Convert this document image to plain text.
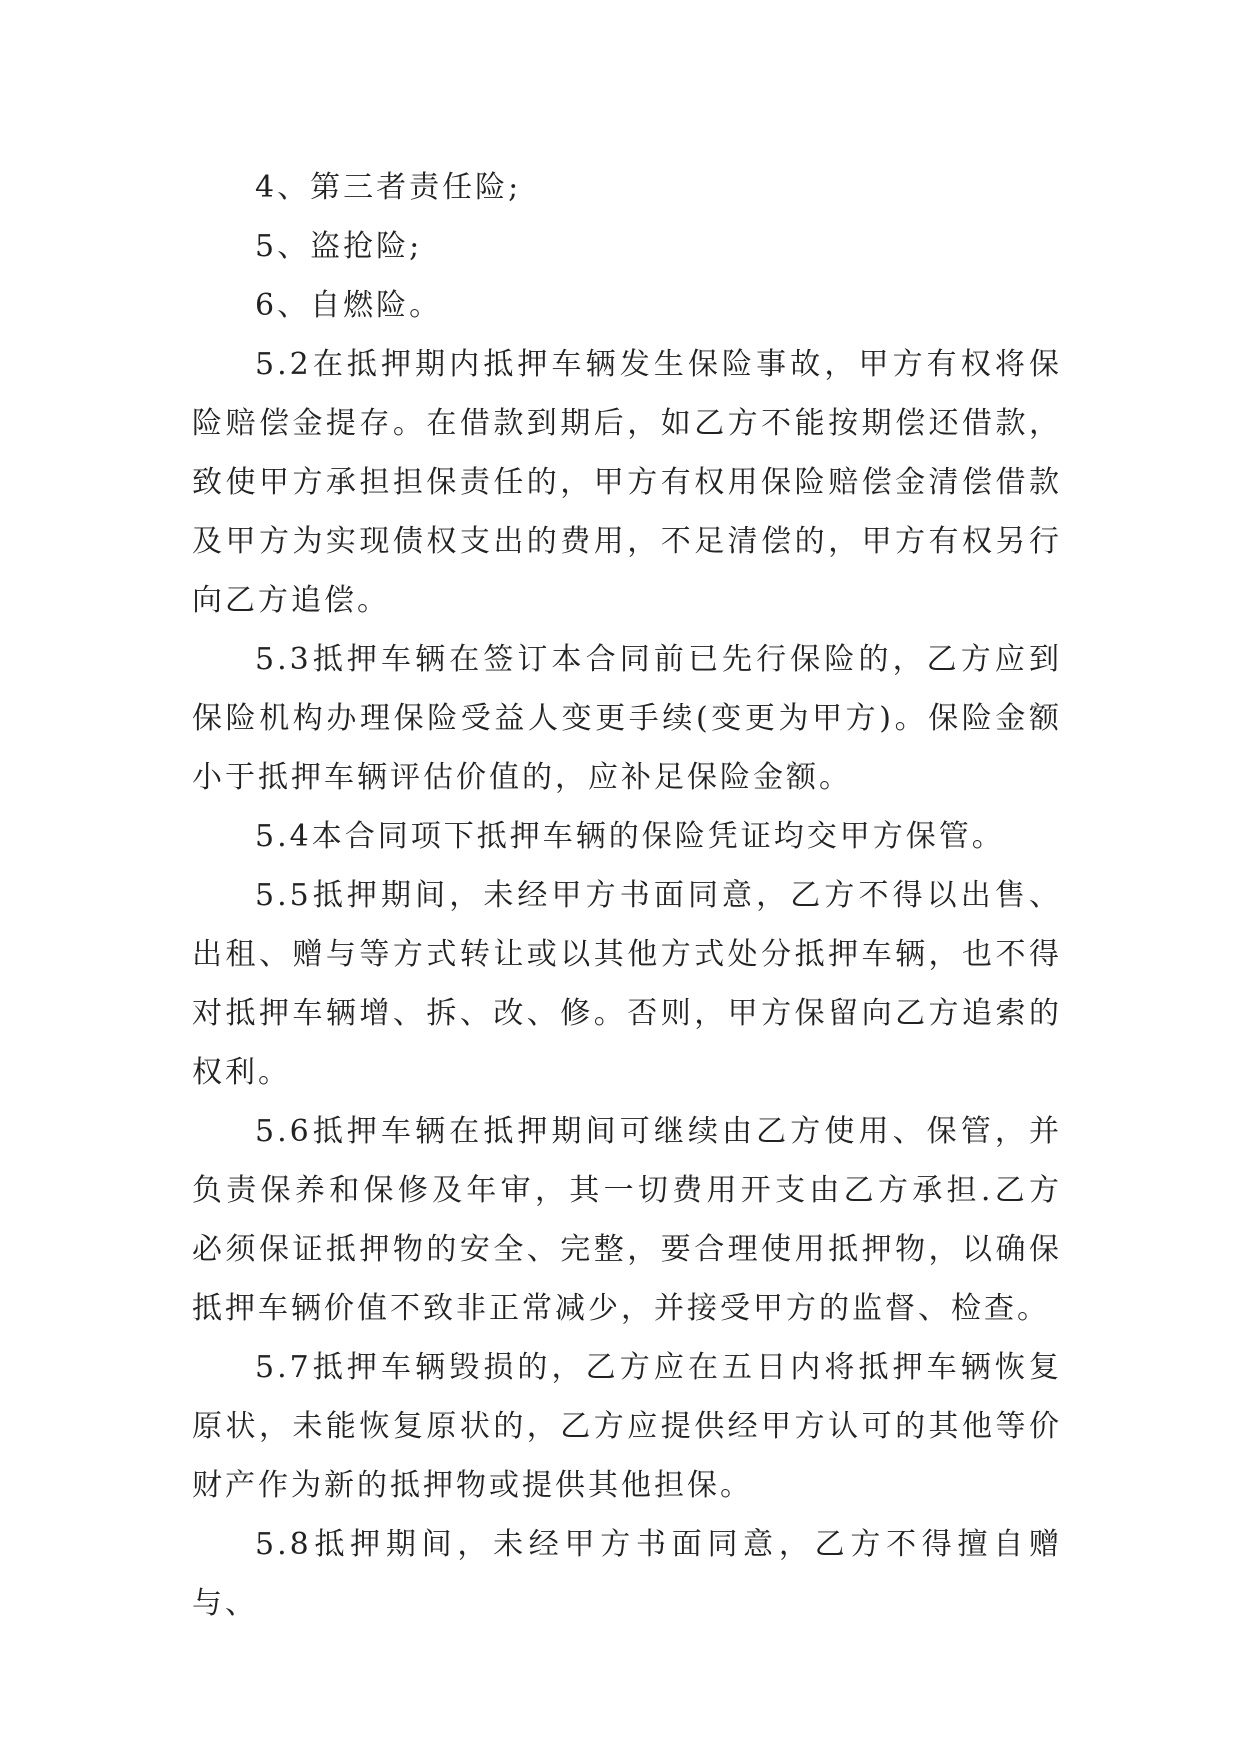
4、第三者责任险;

5、盗抢险;

6、自燃险。

5.2在抵押期内抵押车辆发生保险事故，甲方有权将保险赔偿金提存。在借款到期后，如乙方不能按期偿还借款，致使甲方承担担保责任的，甲方有权用保险赔偿金清偿借款及甲方为实现债权支出的费用，不足清偿的，甲方有权另行向乙方追偿。

5.3抵押车辆在签订本合同前已先行保险的，乙方应到保险机构办理保险受益人变更手续(变更为甲方)。保险金额小于抵押车辆评估价值的，应补足保险金额。

5.4本合同项下抵押车辆的保险凭证均交甲方保管。

5.5抵押期间，未经甲方书面同意，乙方不得以出售、出租、赠与等方式转让或以其他方式处分抵押车辆，也不得对抵押车辆增、拆、改、修。否则，甲方保留向乙方追索的权利。

5.6抵押车辆在抵押期间可继续由乙方使用、保管，并负责保养和保修及年审，其一切费用开支由乙方承担.乙方必须保证抵押物的安全、完整，要合理使用抵押物，以确保抵押车辆价值不致非正常减少，并接受甲方的监督、检查。

5.7抵押车辆毁损的，乙方应在五日内将抵押车辆恢复原状，未能恢复原状的，乙方应提供经甲方认可的其他等价财产作为新的抵押物或提供其他担保。

5.8抵押期间，未经甲方书面同意，乙方不得擅自赠与、
